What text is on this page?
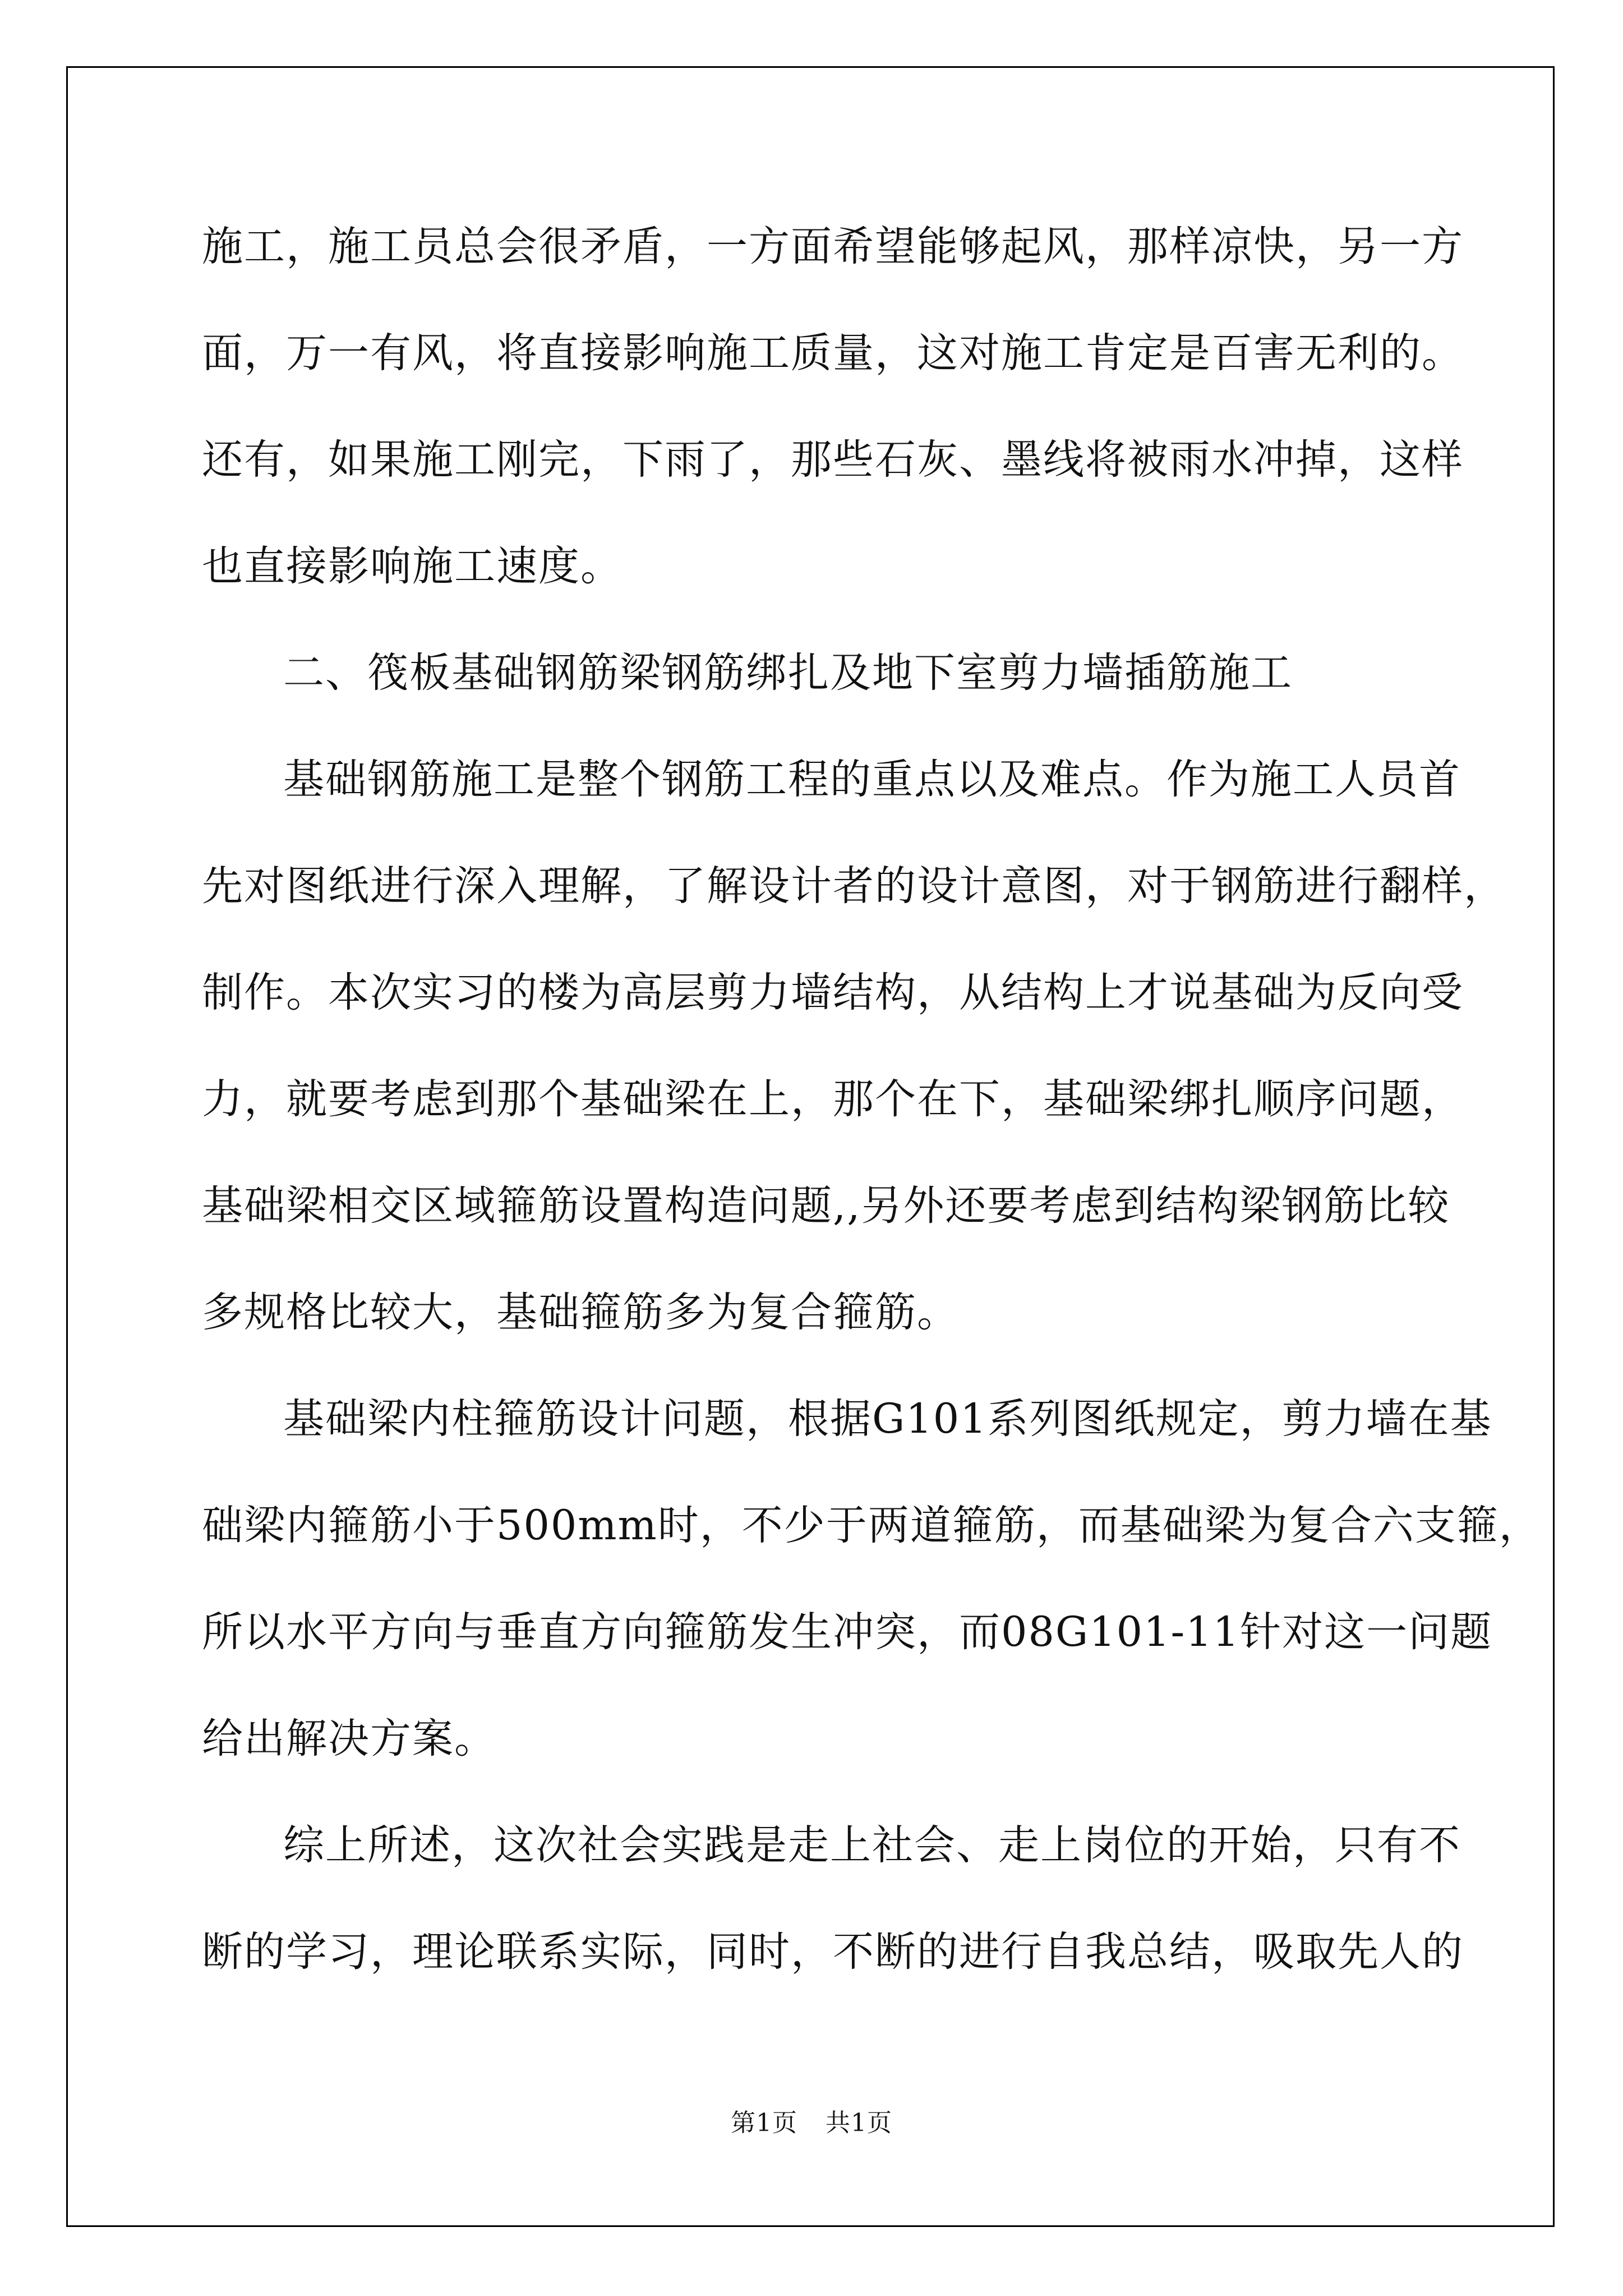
施工，施工员总会很矛盾，一方面希望能够起风，那样凉快，另一方
面，万一有风，将直接影响施工质量，这对施工肯定是百害无利的。
还有，如果施工刚完，下雨了，那些石灰、墨线将被雨水冲掉，这样
也直接影响施工速度。
二、筏板基础钢筋梁钢筋绑扎及地下室剪力墙插筋施工
基础钢筋施工是整个钢筋工程的重点以及难点。作为施工人员首
先对图纸进行深入理解，了解设计者的设计意图，对于钢筋进行翻样，
制作。本次实习的楼为高层剪力墙结构，从结构上才说基础为反向受
力，就要考虑到那个基础梁在上，那个在下，基础梁绑扎顺序问题，
基础梁相交区域箍筋设置构造问题,,另外还要考虑到结构梁钢筋比较
多规格比较大，基础箍筋多为复合箍筋。
基础梁内柱箍筋设计问题，根据G101系列图纸规定，剪力墙在基
础梁内箍筋小于500mm时，不少于两道箍筋，而基础梁为复合六支箍，
所以水平方向与垂直方向箍筋发生冲突，而08G101-11针对这一问题
给出解决方案。
综上所述，这次社会实践是走上社会、走上岗位的开始，只有不
断的学习，理论联系实际，同时，不断的进行自我总结，吸取先人的
第1页 共1页
